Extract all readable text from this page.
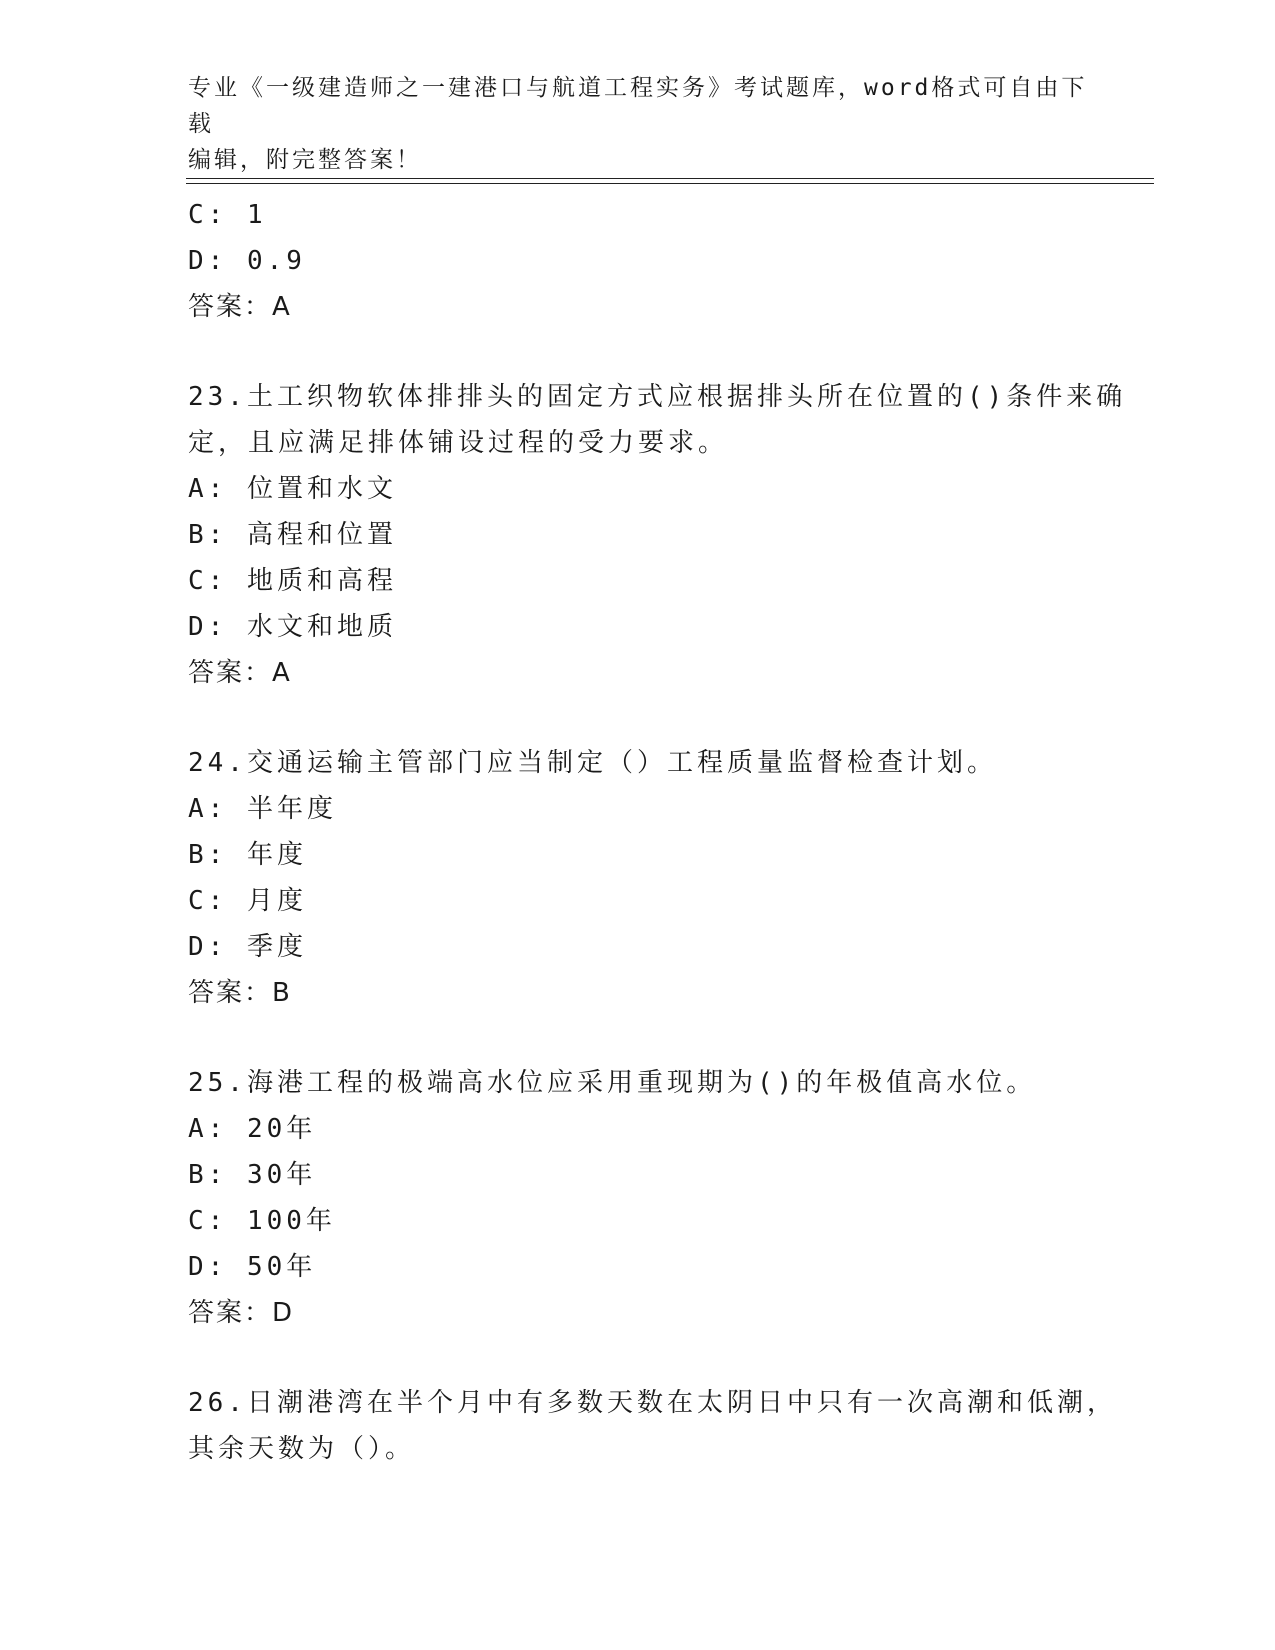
专业《一级建造师之一建港口与航道工程实务》考试题库，word格式可自由下载
编辑，附完整答案！
C: 1
D: 0.9
答案：A
23.土工织物软体排排头的固定方式应根据排头所在位置的()条件来确
定，且应满足排体铺设过程的受力要求。
A: 位置和水文
B: 高程和位置
C: 地质和高程
D: 水文和地质
答案：A
24.交通运输主管部门应当制定（）工程质量监督检查计划。
A: 半年度
B: 年度
C: 月度
D: 季度
答案：B
25.海港工程的极端高水位应采用重现期为()的年极值高水位。
A: 20年
B: 30年
C: 100年
D: 50年
答案：D
26.日潮港湾在半个月中有多数天数在太阴日中只有一次高潮和低潮，
其余天数为（）。
